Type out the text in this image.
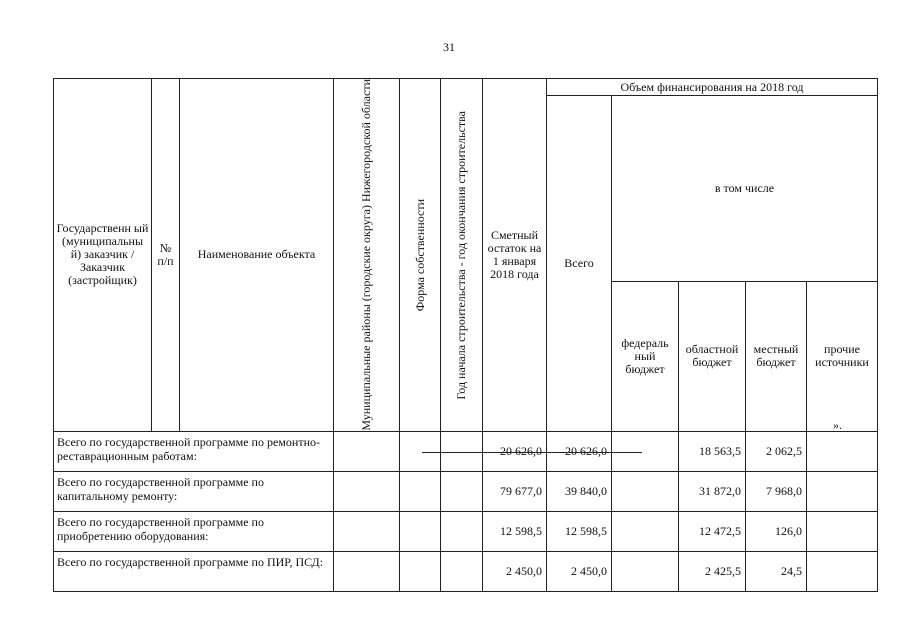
31
Государственн ый (муниципальны й) заказчик / Заказчик (застройщик)	№ п/п	Наименование объекта	Муниципальные районы (городские округа) Нижегородской области	Форма собственности	Год начала строительства - год окончания строительства	Сметный остаток на 1 января 2018 года	Объем финансирования на 2018 год				
							Всего	в том числе			
								федераль ный бюджет	областной бюджет	местный бюджет	прочие источники
Всего по государственной программе по ремонтно-реставрационным работам:						20 626,0	20 626,0		18 563,5	2 062,5	
Всего по государственной программе по капитальному ремонту:						79 677,0	39 840,0		31 872,0	7 968,0	
Всего по государственной программе по приобретению оборудования:						12 598,5	12 598,5		12 472,5	126,0	
Всего по государственной программе по ПИР, ПСД:						2 450,0	2 450,0		2 425,5	24,5	
».
